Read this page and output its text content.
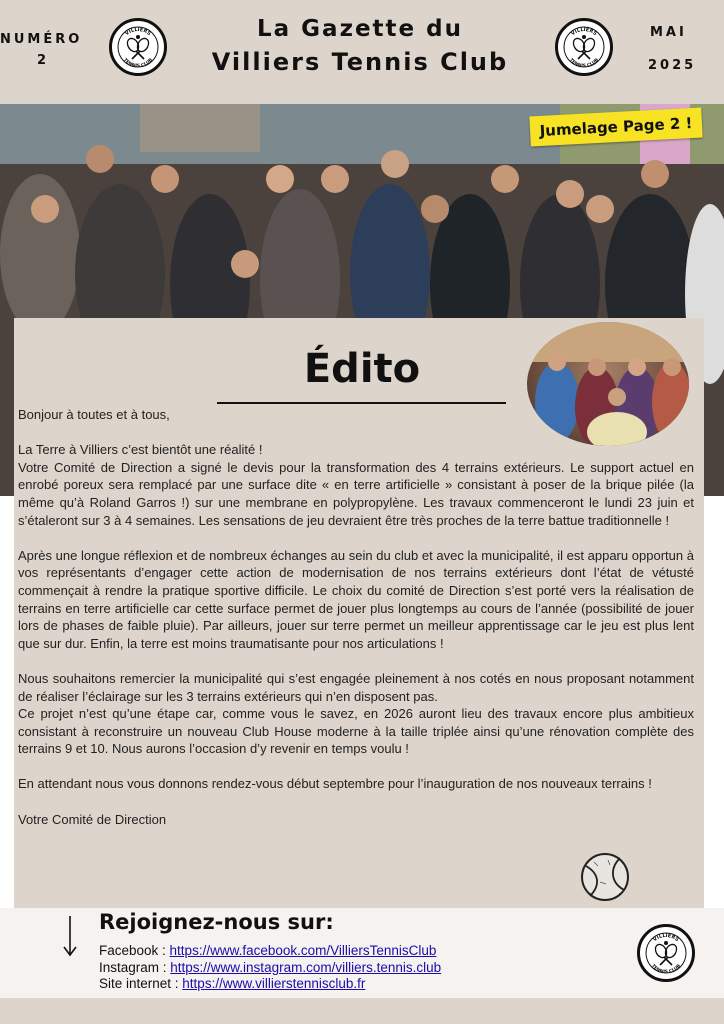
NUMÉRO
2
VILLIERS
TENNIS CLUB
La Gazette du
Villiers Tennis Club
VILLIERS
TENNIS CLUB
MAI
2025
Jumelage Page 2 !
Édito

Bonjour à toutes et à tous,

La Terre à Villiers c’est bientôt une réalité !
Votre Comité de Direction a signé le devis pour la transformation des 4 terrains extérieurs. Le support actuel en enrobé poreux sera remplacé par une surface dite « en terre artificielle » consistant à poser de la brique pilée (la même qu’à Roland Garros !) sur une membrane en polypropylène. Les travaux commenceront le lundi 23 juin et s’étaleront sur 3 à 4 semaines. Les sensations de jeu devraient être très proches de la terre battue traditionnelle !

Après une longue réflexion et de nombreux échanges au sein du club et avec la municipalité, il est apparu opportun à vos représentants d’engager cette action de modernisation de nos terrains extérieurs dont l’état de vétusté commençait à rendre la pratique sportive difficile. Le choix du comité de Direction s’est porté vers la réalisation de terrains en terre artificielle car cette surface permet de jouer plus longtemps au cours de l’année (possibilité de jouer lors de phases de faible pluie). Par ailleurs, jouer sur terre permet un meilleur apprentissage car le jeu est plus lent que sur dur. Enfin, la terre est moins traumatisante pour nos articulations !

Nous souhaitons remercier la municipalité qui s’est engagée pleinement à nos cotés en nous proposant notamment de réaliser l’éclairage sur les 3 terrains extérieurs qui n’en disposent pas.
Ce projet n’est qu’une étape car, comme vous le savez, en 2026 auront lieu des travaux encore plus ambitieux consistant à reconstruire un nouveau Club House moderne à la taille triplée ainsi qu’une rénovation complète des terrains 9 et 10. Nous aurons l’occasion d’y revenir en temps voulu !

En attendant nous vous donnons rendez-vous début septembre pour l’inauguration de nos nouveaux terrains !

Votre Comité de Direction

Rejoignez-nous sur:
Facebook : https://www.facebook.com/VilliersTennisClub
Instagram : https://www.instagram.com/villiers.tennis.club
Site internet : https://www.villierstennisclub.fr
VILLIERS
TENNIS CLUB
